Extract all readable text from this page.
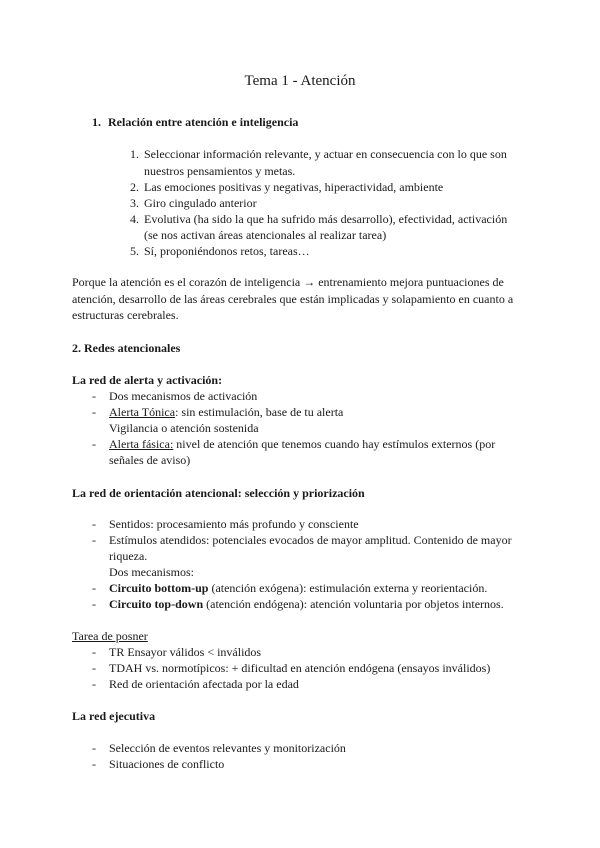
Tema 1 - Atención
1. Relación entre atención e inteligencia
1. Seleccionar información relevante, y actuar en consecuencia con lo que son
nuestros pensamientos y metas.
2. Las emociones positivas y negativas, hiperactividad, ambiente
3. Giro cingulado anterior
4. Evolutiva (ha sido la que ha sufrido más desarrollo), efectividad, activación
(se nos activan áreas atencionales al realizar tarea)
5. Sí, proponiéndonos retos, tareas…
Porque la atención es el corazón de inteligencia → entrenamiento mejora puntuaciones de
atención, desarrollo de las áreas cerebrales que están implicadas y solapamiento en cuanto a
estructuras cerebrales.
2. Redes atencionales
La red de alerta y activación:
- Dos mecanismos de activación
- Alerta Tónica: sin estimulación, base de tu alerta
Vigilancia o atención sostenida
- Alerta fásica: nivel de atención que tenemos cuando hay estímulos externos (por
señales de aviso)
La red de orientación atencional: selección y priorización
- Sentidos: procesamiento más profundo y consciente
- Estímulos atendidos: potenciales evocados de mayor amplitud. Contenido de mayor
riqueza.
Dos mecanismos:
- Circuito bottom-up (atención exógena): estimulación externa y reorientación.
- Circuito top-down (atención endógena): atención voluntaria por objetos internos.
Tarea de posner
- TR Ensayor válidos < inválidos
- TDAH vs. normotípicos: + dificultad en atención endógena (ensayos inválidos)
- Red de orientación afectada por la edad
La red ejecutiva
- Selección de eventos relevantes y monitorización
- Situaciones de conflicto
